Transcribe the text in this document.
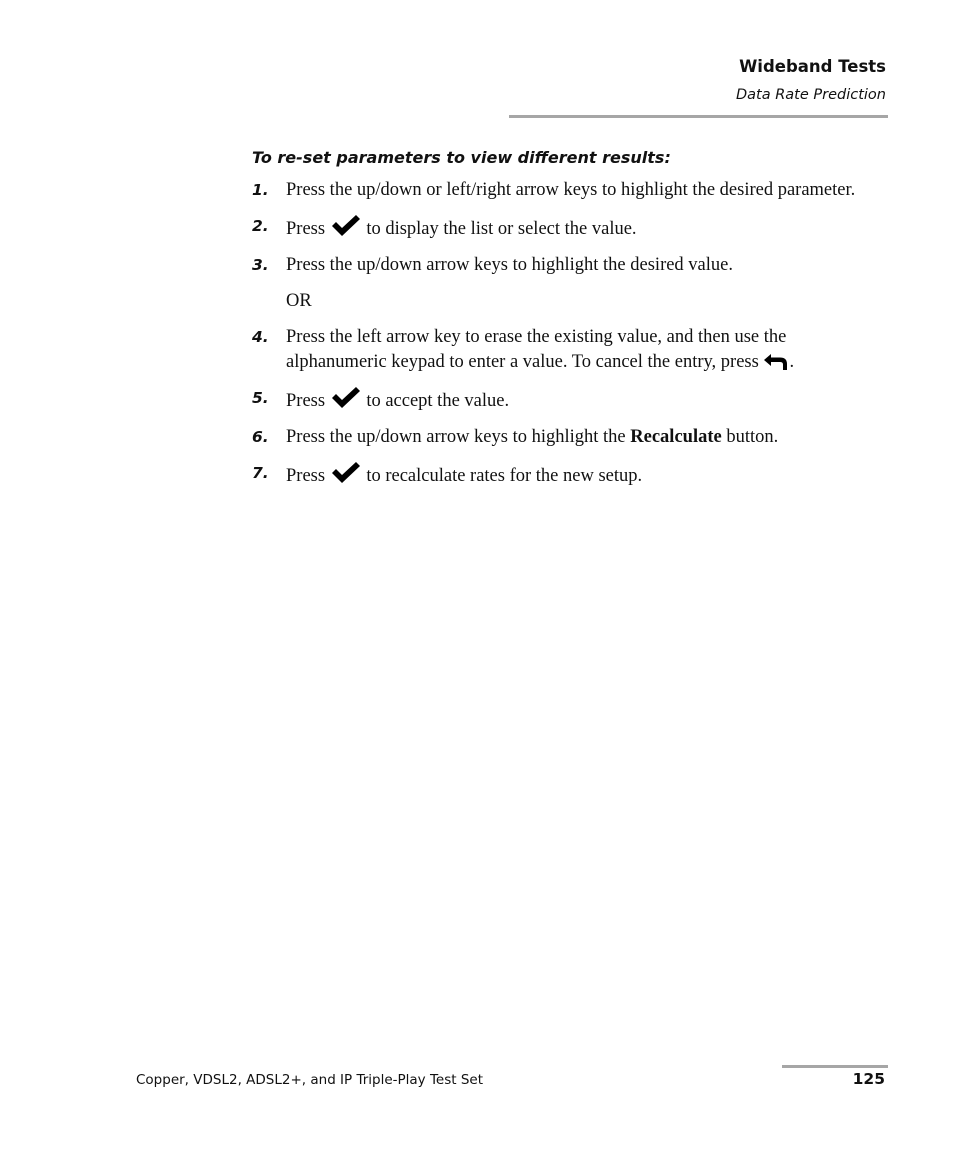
Wideband Tests
Data Rate Prediction
To re-set parameters to view different results:
1. Press the up/down or left/right arrow keys to highlight the desired parameter.
2. Press to display the list or select the value.
3. Press the up/down arrow keys to highlight the desired value.
OR
4. Press the left arrow key to erase the existing value, and then use the alphanumeric keypad to enter a value. To cancel the entry, press .
5. Press to accept the value.
6. Press the up/down arrow keys to highlight the Recalculate button.
7. Press to recalculate rates for the new setup.
Copper, VDSL2, ADSL2+, and IP Triple-Play Test Set	125
